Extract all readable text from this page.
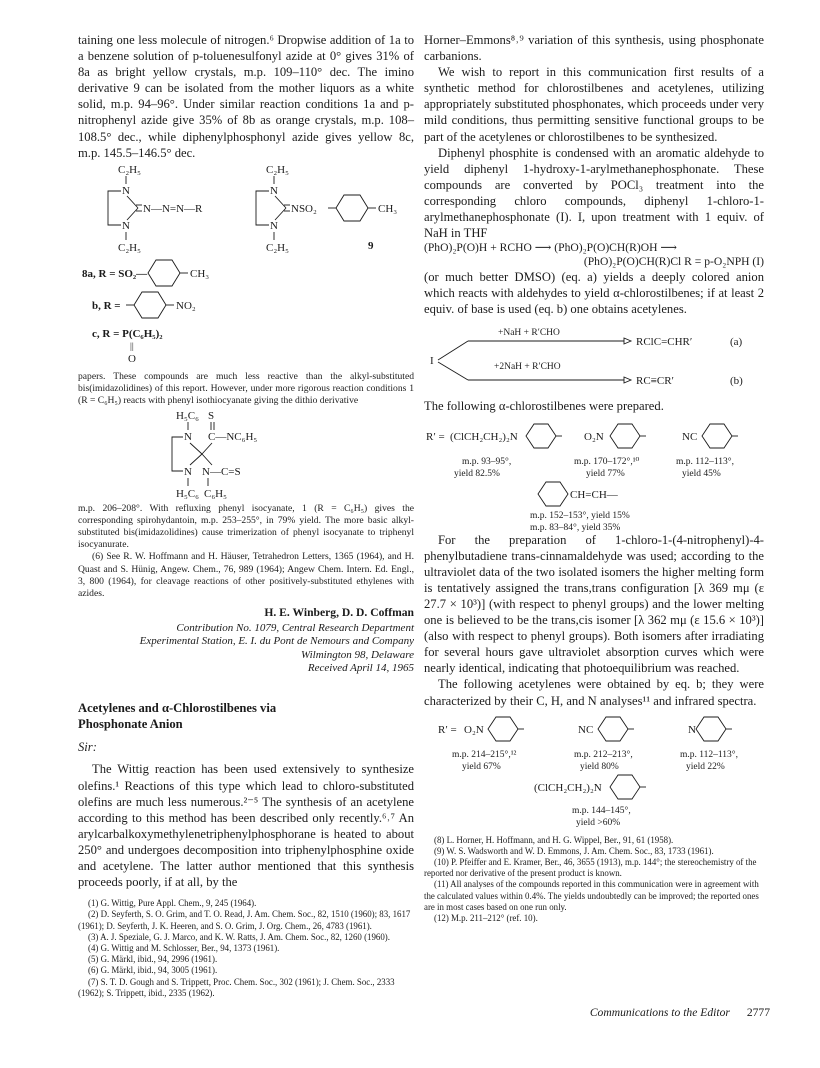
taining one less molecule of nitrogen.⁶ Dropwise addition of 1a to a benzene solution of p-toluenesulfonyl azide at 0° gives 31% of 8a as bright yellow crystals, m.p. 109–110° dec. The imino derivative 9 can be isolated from the mother liquors as a white solid, m.p. 94–96°. Under similar reaction conditions 1a and p-nitrophenyl azide give 35% of 8b as orange crystals, m.p. 108–108.5° dec., while diphenylphosphonyl azide gives yellow 8c, m.p. 145.5–146.5° dec.

C₂H₅
N
N—N=N—R
N
C₂H₅
C₂H₅
N
NSO₂	CH₃
N
C₂H₅	9
8a, R = SO₂—	CH₃
b, R =	NO₂
c, R = P(C₆H₅)₂
||
O

papers. These compounds are much less reactive than the alkyl-substituted bis(imidazolidines) of this report. However, under more rigorous reaction conditions 1 (R = C₆H₅) reacts with phenyl isothiocyanate giving the dithio derivative

H₅C₆ S
N C—NC₆H₅
N N—C=S
H₅C₆ C₆H₅

m.p. 206–208°. With refluxing phenyl isocyanate, 1 (R = C₆H₅) gives the corresponding spirohydantoin, m.p. 253–255°, in 79% yield. The more basic alkyl-substituted bis(imidazolidines) cause trimerization of phenyl isocyanate to triphenyl isocyanurate.

(6) See R. W. Hoffmann and H. Häuser, Tetrahedron Letters, 1365 (1964), and H. Quast and S. Hünig, Angew. Chem., 76, 989 (1964); Angew Chem. Intern. Ed. Engl., 3, 800 (1964), for cleavage reactions of other positively-substituted ethylenes with azides.

H. E. Winberg, D. D. Coffman

Contribution No. 1079, Central Research Department

Experimental Station, E. I. du Pont de Nemours and Company

Wilmington 98, Delaware

Received April 14, 1965

Acetylenes and α-Chlorostilbenes via
Phosphonate Anion

Sir:

The Wittig reaction has been used extensively to synthesize olefins.¹ Reactions of this type which lead to chloro-substituted olefins are much less numerous.²⁻⁵ The synthesis of an acetylene according to this method has been described only recently.⁶˒⁷ An arylcarbalkoxymethylenetriphenylphosphorane is heated to about 250° and undergoes decomposition into triphenylphosphine oxide and acetylene. The latter author mentioned that this synthesis proceeds poorly, if at all, by the

(1) G. Wittig, Pure Appl. Chem., 9, 245 (1964).

(2) D. Seyferth, S. O. Grim, and T. O. Read, J. Am. Chem. Soc., 82, 1510 (1960); 83, 1617 (1961); D. Seyferth, J. K. Heeren, and S. O. Grim, J. Org. Chem., 26, 4783 (1961).

(3) A. J. Speziale, G. J. Marco, and K. W. Ratts, J. Am. Chem. Soc., 82, 1260 (1960).

(4) G. Wittig and M. Schlosser, Ber., 94, 1373 (1961).

(5) G. Märkl, ibid., 94, 2996 (1961).

(6) G. Märkl, ibid., 94, 3005 (1961).

(7) S. T. D. Gough and S. Trippett, Proc. Chem. Soc., 302 (1961); J. Chem. Soc., 2333 (1962); S. Trippett, ibid., 2335 (1962).

Horner–Emmons⁸˒⁹ variation of this synthesis, using phosphonate carbanions.

We wish to report in this communication first results of a synthetic method for chlorostilbenes and acetylenes, utilizing appropriately substituted phosphonates, which proceeds under very mild conditions, thus permitting sensitive functional groups to be part of the acetylenes or chlorostilbenes to be synthesized.

Diphenyl phosphite is condensed with an aromatic aldehyde to yield diphenyl 1-hydroxy-1-arylmethanephosphonate. These compounds are converted by POCl₃ treatment into the corresponding chloro compounds, diphenyl 1-chloro-1-arylmethanephosphonate (I). I, upon treatment with 1 equiv. of NaH in THF

(PhO)₂P(O)H + RCHO ⟶ (PhO)₂P(O)CH(R)OH ⟶

(PhO)₂P(O)CH(R)Cl R = p-O₂NPH (I)

(or much better DMSO) (eq. a) yields a deeply colored anion which reacts with aldehydes to yield α-chlorostilbenes; if at least 2 equiv. of base is used (eq. b) one obtains acetylenes.

+NaH + R′CHO
I
RClC=CHR′	(a)
+2NaH + R′CHO
RC≡CR′	(b)

The following α-chlorostilbenes were prepared.

R′ = (ClCH₂CH₂)₂N
m.p. 93–95°,
yield 82.5%
O₂N
m.p. 170–172°,¹⁰
yield 77%
NC
m.p. 112–113°,
yield 45%
CH=CH—
m.p. 152–153°, yield 15%
m.p. 83–84°, yield 35%

For the preparation of 1-chloro-1-(4-nitrophenyl)-4-phenylbutadiene trans-cinnamaldehyde was used; according to the ultraviolet data of the two isolated isomers the higher melting form is tentatively assigned the trans,trans configuration [λ 369 mμ (ε 27.7 × 10³)] (with respect to phenyl groups) and the lower melting one is believed to be the trans,cis isomer [λ 362 mμ (ε 15.6 × 10³)] (also with respect to phenyl groups). Both isomers after irradiating for several hours gave ultraviolet absorption curves which were nearly identical, indicating that photoequilibrium was reached.

The following acetylenes were obtained by eq. b; they were characterized by their C, H, and N analyses¹¹ and infrared spectra.

R′ = O₂N
m.p. 214–215°,¹²
yield 67%
NC
m.p. 212–213°,
yield 80%
N
m.p. 112–113°,
yield 22%
(ClCH₂CH₂)₂N
m.p. 144–145°,
yield >60%

(8) L. Horner, H. Hoffmann, and H. G. Wippel, Ber., 91, 61 (1958).

(9) W. S. Wadsworth and W. D. Emmons, J. Am. Chem. Soc., 83, 1733 (1961).

(10) P. Pfeiffer and E. Kramer, Ber., 46, 3655 (1913), m.p. 144°; the stereochemistry of the reported nor derivative of the present product is known.

(11) All analyses of the compounds reported in this communication were in agreement with the calculated values within 0.4%. The yields undoubtedly can be improved; the reported ones are in most cases based on one run only.

(12) M.p. 211–212° (ref. 10).

Communications to the Editor 2777
